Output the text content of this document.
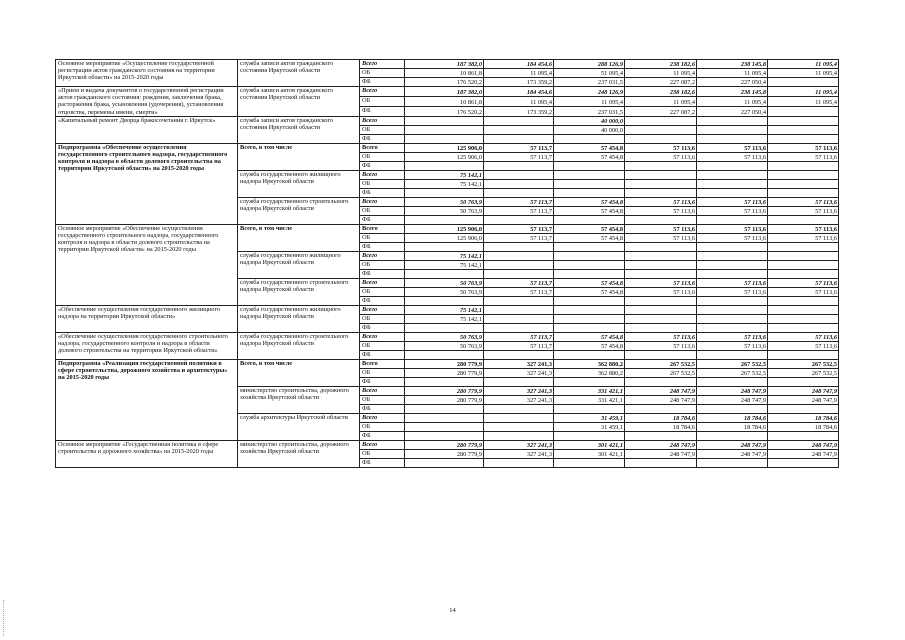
Основное мероприятие «Осуществление государственной регистрации актов гражданского состояния на территории Иркутской области» на 2015-2020 годы	служба записи актов гражданского состояния Иркутской области	Всего	187 382,0	184 454,6	288 126,9	238 182,6	238 145,8	11 095,4
		ОБ	10 861,8	11 095,4	51 095,4	11 095,4	11 095,4	11 095,4
		ФБ	176 520,2	173 359,2	237 031,5	227 087,2	227 050,4	
«Прием и выдача документов о государственной регистрации актов гражданского состояния: рождения, заключения брака, расторжения брака, усыновления (удочерения), установления отцовства, перемены имени, смерти»	служба записи актов гражданского состояния Иркутской области	Всего	187 382,0	184 454,6	248 126,9	238 182,6	238 145,8	11 095,4
		ОБ	10 861,8	11 095,4	11 095,4	11 095,4	11 095,4	11 095,4
		ФБ	176 520,2	173 359,2	237 031,5	227 087,2	227 050,4	
«Капитальный ремонт Дворца бракосочетания г. Иркутск»	служба записи актов гражданского состояния Иркутской области	Всего			40 000,0			
		ОБ			40 000,0			
		ФБ						
Подпрограмма «Обеспечение осуществления государственного строительного надзора, государственного контроля и надзора в области долевого строительства на территории Иркутской области» на 2015-2020 годы	Всего, в том числе	Всего	125 906,0	57 113,7	57 454,8	57 113,6	57 113,6	57 113,6
		ОБ	125 906,0	57 113,7	57 454,8	57 113,6	57 113,6	57 113,6
		ФБ						
	служба государственного жилищного надзора Иркутской области	Всего	75 142,1					
		ОБ	75 142,1					
		ФБ						
	служба государственного строительного надзора Иркутской области	Всего	50 763,9	57 113,7	57 454,8	57 113,6	57 113,6	57 113,6
		ОБ	50 763,9	57 113,7	57 454,8	57 113,6	57 113,6	57 113,6
		ФБ						
Основное мероприятие «Обеспечение осуществления государственного строительного надзора, государственного контроля и надзора в области долевого строительства на территории Иркутской области» на 2015-2020 годы	Всего, в том числе	Всего	125 906,0	57 113,7	57 454,8	57 113,6	57 113,6	57 113,6
		ОБ	125 906,0	57 113,7	57 454,8	57 113,6	57 113,6	57 113,6
		ФБ						
	служба государственного жилищного надзора Иркутской области	Всего	75 142,1					
		ОБ	75 142,1					
		ФБ						
	служба государственного строительного надзора Иркутской области	Всего	50 763,9	57 113,7	57 454,8	57 113,6	57 113,6	57 113,6
		ОБ	50 763,9	57 113,7	57 454,8	57 113,6	57 113,6	57 113,6
		ФБ						
«Обеспечение осуществления государственного жилищного надзора на территории Иркутской области»	служба государственного жилищного надзора Иркутской области	Всего	75 142,1					
		ОБ	75 142,1					
		ФБ						
«Обеспечение осуществления государственного строительного надзора, государственного контроля и надзора в области долевого строительства на территории Иркутской области»	служба государственного строительного надзора Иркутской области	Всего	50 763,9	57 113,7	57 454,8	57 113,6	57 113,6	57 113,6
		ОБ	50 763,9	57 113,7	57 454,8	57 113,6	57 113,6	57 113,6
		ФБ						
Подпрограмма «Реализация государственной политики в сфере строительства, дорожного хозяйства и архитектуры» на 2015-2020 годы	Всего, в том числе	Всего	280 779,9	327 241,3	362 880,2	267 532,5	267 532,5	267 532,5
		ОБ	280 779,9	327 241,3	362 880,2	267 532,5	267 532,5	267 532,5
		ФБ						
	министерство строительства, дорожного хозяйства Иркутской области	Всего	280 779,9	327 241,3	331 421,1	248 747,9	248 747,9	248 747,9
		ОБ	280 779,9	327 241,3	331 421,1	248 747,9	248 747,9	248 747,9
		ФБ						
	служба архитектуры Иркутской области	Всего			31 459,1	18 784,6	18 784,6	18 784,6
		ОБ			31 459,1	18 784,6	18 784,6	18 784,6
		ФБ						
Основное мероприятие «Государственная политика в сфере строительства и дорожного хозяйства» на 2015-2020 годы	министерство строительства, дорожного хозяйства Иркутской области	Всего	280 779,9	327 241,3	301 421,1	248 747,9	248 747,9	248 747,9
		ОБ	280 779,9	327 241,3	301 421,1	248 747,9	248 747,9	248 747,9
		ФБ						
14
